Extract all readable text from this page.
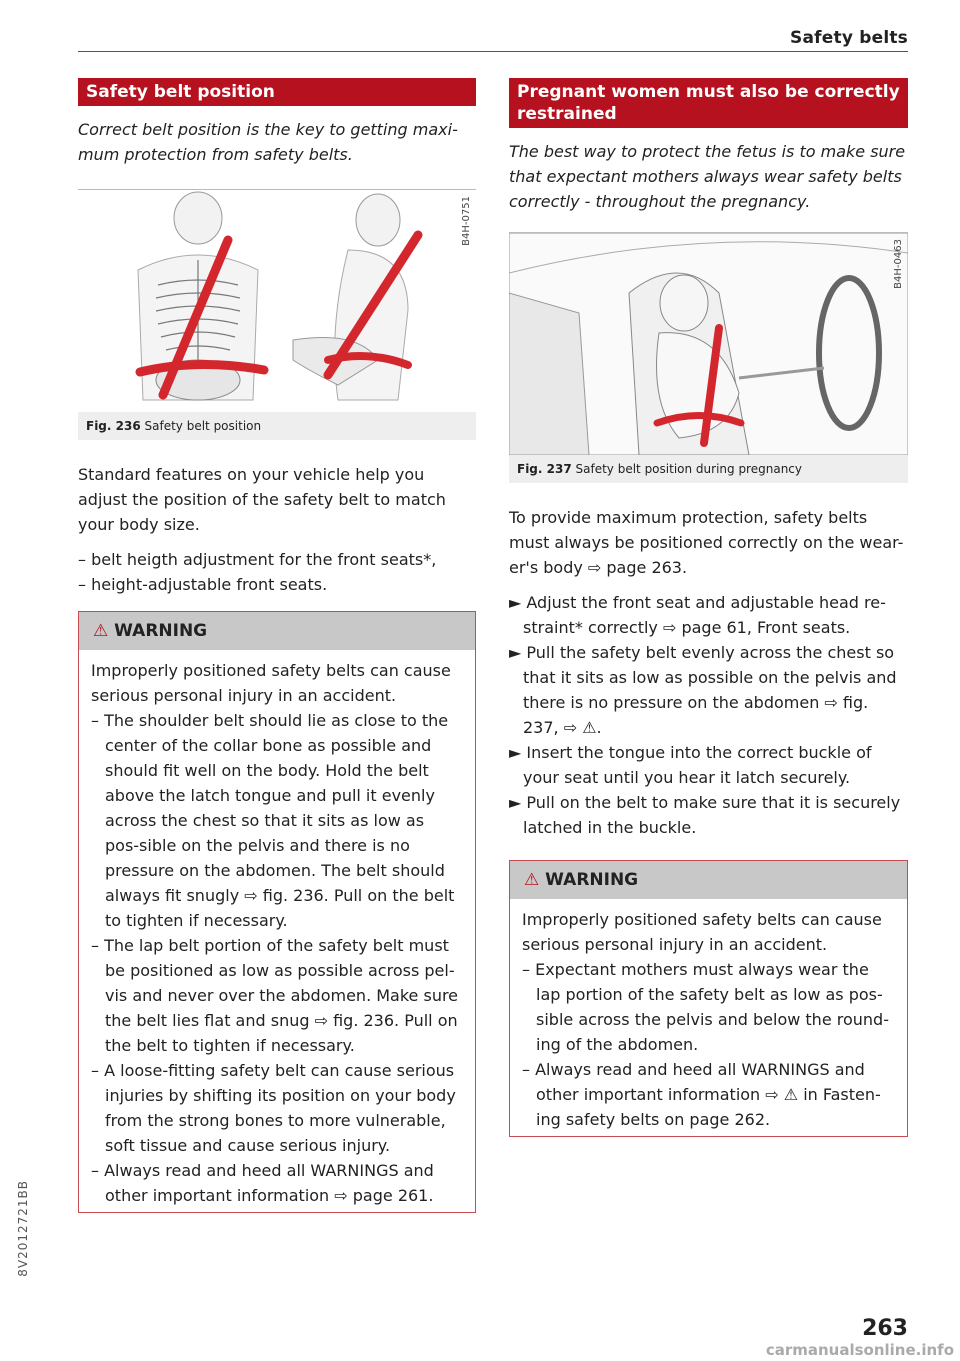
Safety belts
Safety belt position

Correct belt position is the key to getting maxi-mum protection from safety belts.

B4H-0751
Fig. 236 Safety belt position

Standard features on your vehicle help you adjust the position of the safety belt to match your body size.

– belt heigth adjustment for the front seats*,
– height-adjustable front seats.
⚠ WARNING

Improperly positioned safety belts can cause serious personal injury in an accident.

– The shoulder belt should lie as close to the center of the collar bone as possible and should fit well on the body. Hold the belt above the latch tongue and pull it evenly across the chest so that it sits as low as pos-sible on the pelvis and there is no pressure on the abdomen. The belt should always fit snugly ⇨ fig. 236. Pull on the belt to tighten if necessary.
– The lap belt portion of the safety belt must be positioned as low as possible across pel-vis and never over the abdomen. Make sure the belt lies flat and snug ⇨ fig. 236. Pull on the belt to tighten if necessary.
– A loose-fitting safety belt can cause serious injuries by shifting its position on your body from the strong bones to more vulnerable, soft tissue and cause serious injury.
– Always read and heed all WARNINGS and other important information ⇨ page 261.
Pregnant women must also be correctly restrained

The best way to protect the fetus is to make sure that expectant mothers always wear safety belts correctly - throughout the pregnancy.

B4H-0463
Fig. 237 Safety belt position during pregnancy

To provide maximum protection, safety belts must always be positioned correctly on the wear-er's body ⇨ page 263.

► Adjust the front seat and adjustable head re-straint* correctly ⇨ page 61, Front seats.
► Pull the safety belt evenly across the chest so that it sits as low as possible on the pelvis and there is no pressure on the abdomen ⇨ fig. 237, ⇨ ⚠.
► Insert the tongue into the correct buckle of your seat until you hear it latch securely.
► Pull on the belt to make sure that it is securely latched in the buckle.
⚠ WARNING

Improperly positioned safety belts can cause serious personal injury in an accident.

– Expectant mothers must always wear the lap portion of the safety belt as low as pos-sible across the pelvis and below the round-ing of the abdomen.
– Always read and heed all WARNINGS and other important information ⇨ ⚠ in Fasten-ing safety belts on page 262.
8V2012721BB
263
carmanualsonline.info
